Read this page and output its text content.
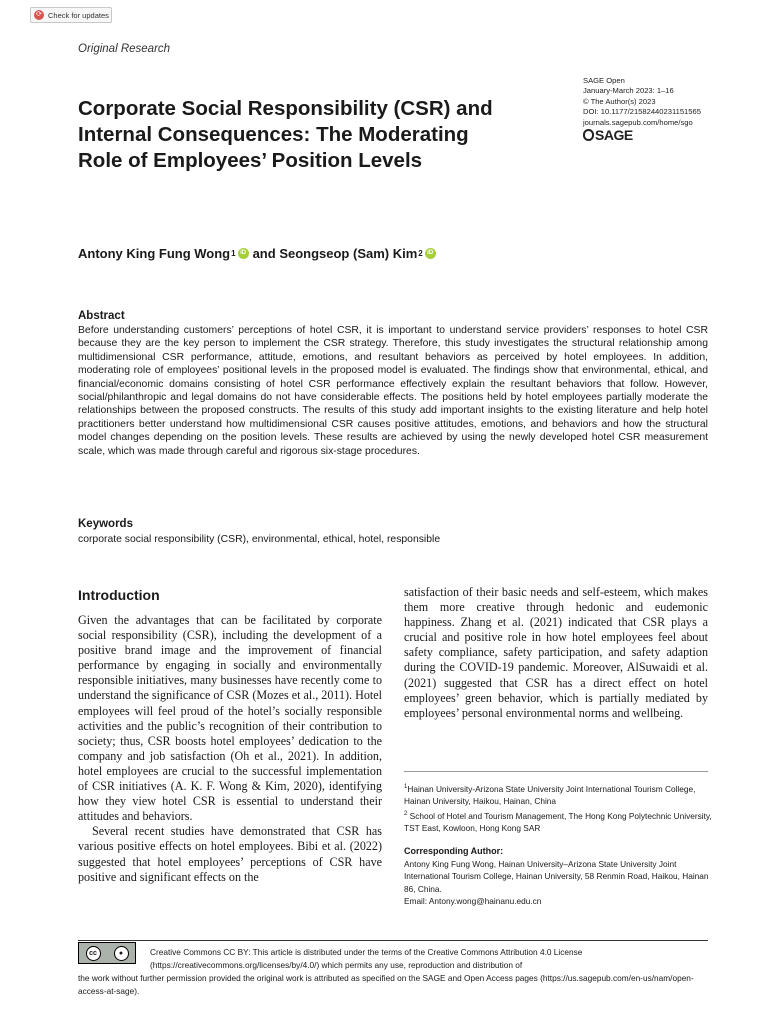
⟳ Check for updates
Original Research
Corporate Social Responsibility (CSR) and Internal Consequences: The Moderating Role of Employees’ Position Levels
SAGE Open
January-March 2023: 1–16
© The Author(s) 2023
DOI: 10.1177/21582440231151565
journals.sagepub.com/home/sgo
SAGE
Antony King Fung Wong 1 iD and
Seongseop (Sam) Kim 2 iD
Abstract
Before understanding customers’ perceptions of hotel CSR, it is important to understand service providers’ responses to hotel CSR because they are the key person to implement the CSR strategy. Therefore, this study investigates the structural relationship among multidimensional CSR performance, attitude, emotions, and resultant behaviors as perceived by hotel employees. In addition, moderating role of employees’ positional levels in the proposed model is evaluated. The findings show that environmental, ethical, and financial/economic domains consisting of hotel CSR performance effectively explain the resultant behaviors that follow. However, social/philanthropic and legal domains do not have considerable effects. The positions held by hotel employees partially moderate the relationships between the proposed constructs. The results of this study add important insights to the existing literature and help hotel practitioners better understand how multidimensional CSR causes positive attitudes, emotions, and behaviors and how the structural model changes depending on the position levels. These results are achieved by using the newly developed hotel CSR measurement scale, which was made through careful and rigorous six-stage procedures.
Keywords
corporate social responsibility (CSR), environmental, ethical, hotel, responsible
Introduction

Given the advantages that can be facilitated by corporate social responsibility (CSR), including the development of a positive brand image and the improvement of financial performance by engaging in socially and environmentally responsible initiatives, many businesses have recently come to understand the significance of CSR (Mozes et al., 2011). Hotel employees will feel proud of the hotel’s socially responsible activities and the public’s recognition of their contribution to society; thus, CSR boosts hotel employees’ dedication to the company and job satisfaction (Oh et al., 2021). In addition, hotel employees are crucial to the successful implementation of CSR initiatives (A. K. F. Wong & Kim, 2020), identifying how they view hotel CSR is essential to understand their attitudes and behaviors.

Several recent studies have demonstrated that CSR has various positive effects on hotel employees. Bibi et al. (2022) suggested that hotel employees’ perceptions of CSR have positive and significant effects on the

satisfaction of their basic needs and self-esteem, which makes them more creative through hedonic and eudemonic happiness. Zhang et al. (2021) indicated that CSR plays a crucial and positive role in how hotel employees feel about safety compliance, safety participation, and safety adaption during the COVID-19 pandemic. Moreover, AlSuwaidi et al. (2021) suggested that CSR has a direct effect on hotel employees’ green behavior, which is partially mediated by employees’ personal environmental norms and wellbeing.

$^1$Hainan University-Arizona State University Joint International Tourism College, Hainan University, Haikou, Hainan, China

$^2$ School of Hotel and Tourism Management, The Hong Kong Polytechnic University, TST East, Kowloon, Hong Kong SAR

Corresponding Author:
Antony King Fung Wong, Hainan University–Arizona State University Joint International Tourism College, Hainan University, 58 Renmin Road, Haikou, Hainan 86, China.
Email: Antony.wong@hainanu.edu.cn
cc	●	Creative Commons CC BY: This article is distributed under the terms of the Creative Commons Attribution 4.0 License (https://creativecommons.org/licenses/by/4.0/) which permits any use, reproduction and distribution of
the work without further permission provided the original work is attributed as specified on the SAGE and Open Access pages (https://us.sagepub.com/en-us/nam/open-access-at-sage).
